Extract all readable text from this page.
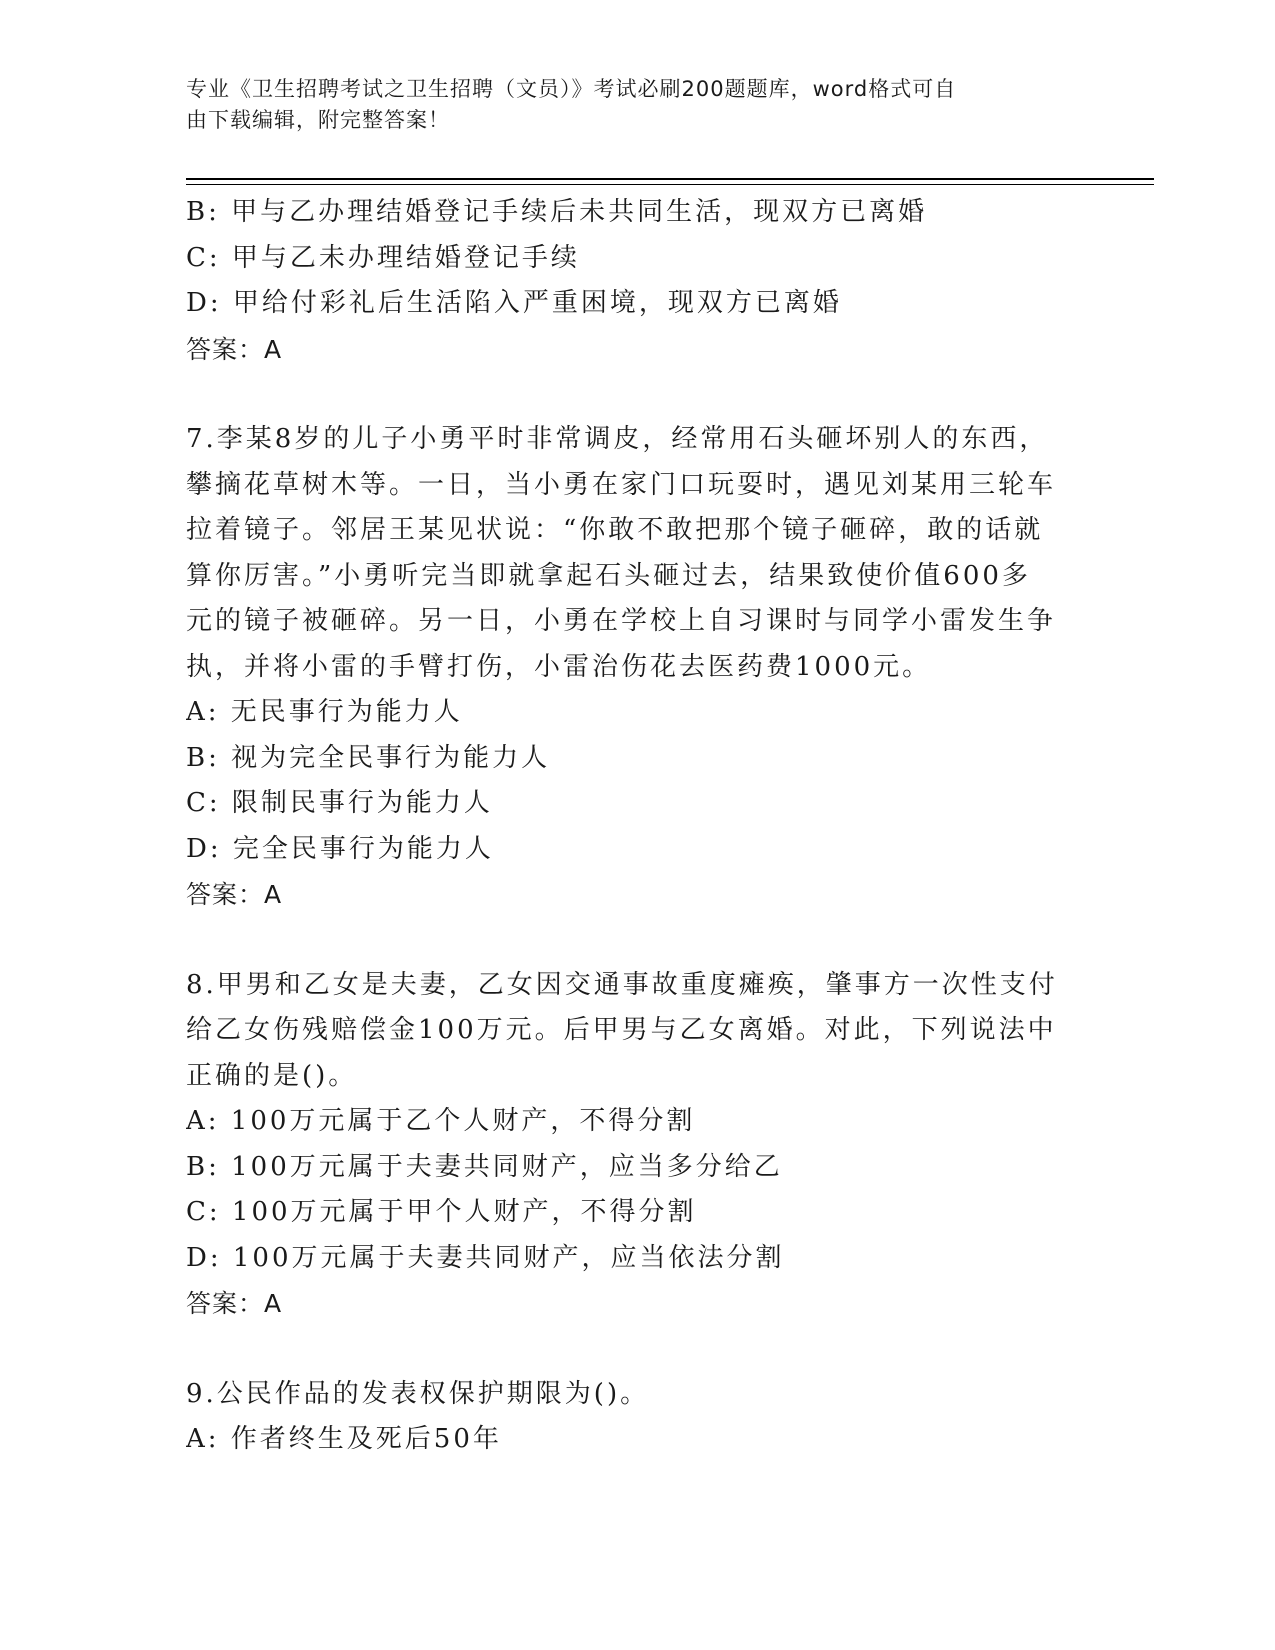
专业《卫生招聘考试之卫生招聘（文员）》考试必刷200题题库，word格式可自
由下载编辑，附完整答案！
B: 甲与乙办理结婚登记手续后未共同生活，现双方已离婚
C: 甲与乙未办理结婚登记手续
D: 甲给付彩礼后生活陷入严重困境，现双方已离婚
答案：A
7.李某8岁的儿子小勇平时非常调皮，经常用石头砸坏别人的东西，
攀摘花草树木等。一日，当小勇在家门口玩耍时，遇见刘某用三轮车
拉着镜子。邻居王某见状说：“你敢不敢把那个镜子砸碎，敢的话就
算你厉害。”小勇听完当即就拿起石头砸过去，结果致使价值600多
元的镜子被砸碎。另一日，小勇在学校上自习课时与同学小雷发生争
执，并将小雷的手臂打伤，小雷治伤花去医药费1000元。
A: 无民事行为能力人
B: 视为完全民事行为能力人
C: 限制民事行为能力人
D: 完全民事行为能力人
答案：A
8.甲男和乙女是夫妻，乙女因交通事故重度瘫痪，肇事方一次性支付
给乙女伤残赔偿金100万元。后甲男与乙女离婚。对此，下列说法中
正确的是()。
A: 100万元属于乙个人财产，不得分割
B: 100万元属于夫妻共同财产，应当多分给乙
C: 100万元属于甲个人财产，不得分割
D: 100万元属于夫妻共同财产，应当依法分割
答案：A
9.公民作品的发表权保护期限为()。
A: 作者终生及死后50年
